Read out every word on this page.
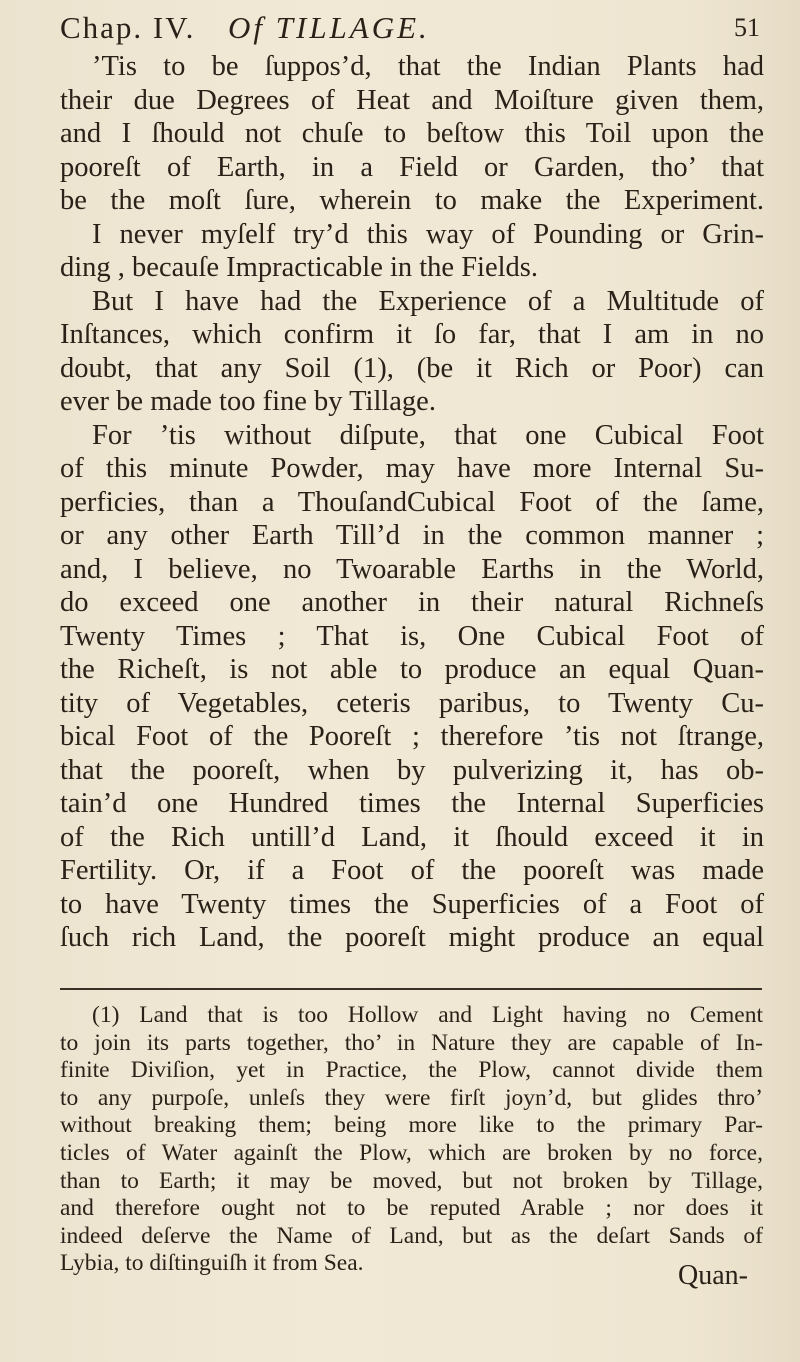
Chap. IV. Of TILLAGE.	51
’Tis to be ſuppos’d, that the Indian Plants had
their due Degrees of Heat and Moiſture given them,
and I ſhould not chuſe to beſtow this Toil upon the
pooreſt of Earth, in a Field or Garden, tho’ that
be the moſt ſure, wherein to make the Experiment.
I never myſelf try’d this way of Pounding or Grin-
ding , becauſe Impracticable in the Fields.
But I have had the Experience of a Multitude of
Inſtances, which confirm it ſo far, that I am in no
doubt, that any Soil (1), (be it Rich or Poor) can
ever be made too fine by Tillage.
For ’tis without diſpute, that one Cubical Foot
of this minute Powder, may have more Internal Su-
perficies, than a ThouſandCubical Foot of the ſame,
or any other Earth Till’d in the common manner ;
and, I believe, no Twoarable Earths in the World,
do exceed one another in their natural Richneſs
Twenty Times ; That is, One Cubical Foot of
the Richeſt, is not able to produce an equal Quan-
tity of Vegetables, ceteris paribus, to Twenty Cu-
bical Foot of the Pooreſt ; therefore ’tis not ſtrange,
that the pooreſt, when by pulverizing it, has ob-
tain’d one Hundred times the Internal Superficies
of the Rich untill’d Land, it ſhould exceed it in
Fertility. Or, if a Foot of the pooreſt was made
to have Twenty times the Superficies of a Foot of
ſuch rich Land, the pooreſt might produce an equal
(1) Land that is too Hollow and Light having no Cement
to join its parts together, tho’ in Nature they are capable of In-
finite Diviſion, yet in Practice, the Plow, cannot divide them
to any purpoſe, unleſs they were firſt joyn’d, but glides thro’
without breaking them; being more like to the primary Par-
ticles of Water againſt the Plow, which are broken by no force,
than to Earth; it may be moved, but not broken by Tillage,
and therefore ought not to be reputed Arable ; nor does it
indeed deſerve the Name of Land, but as the deſart Sands of
Lybia, to diſtinguiſh it from Sea.	Quan-
